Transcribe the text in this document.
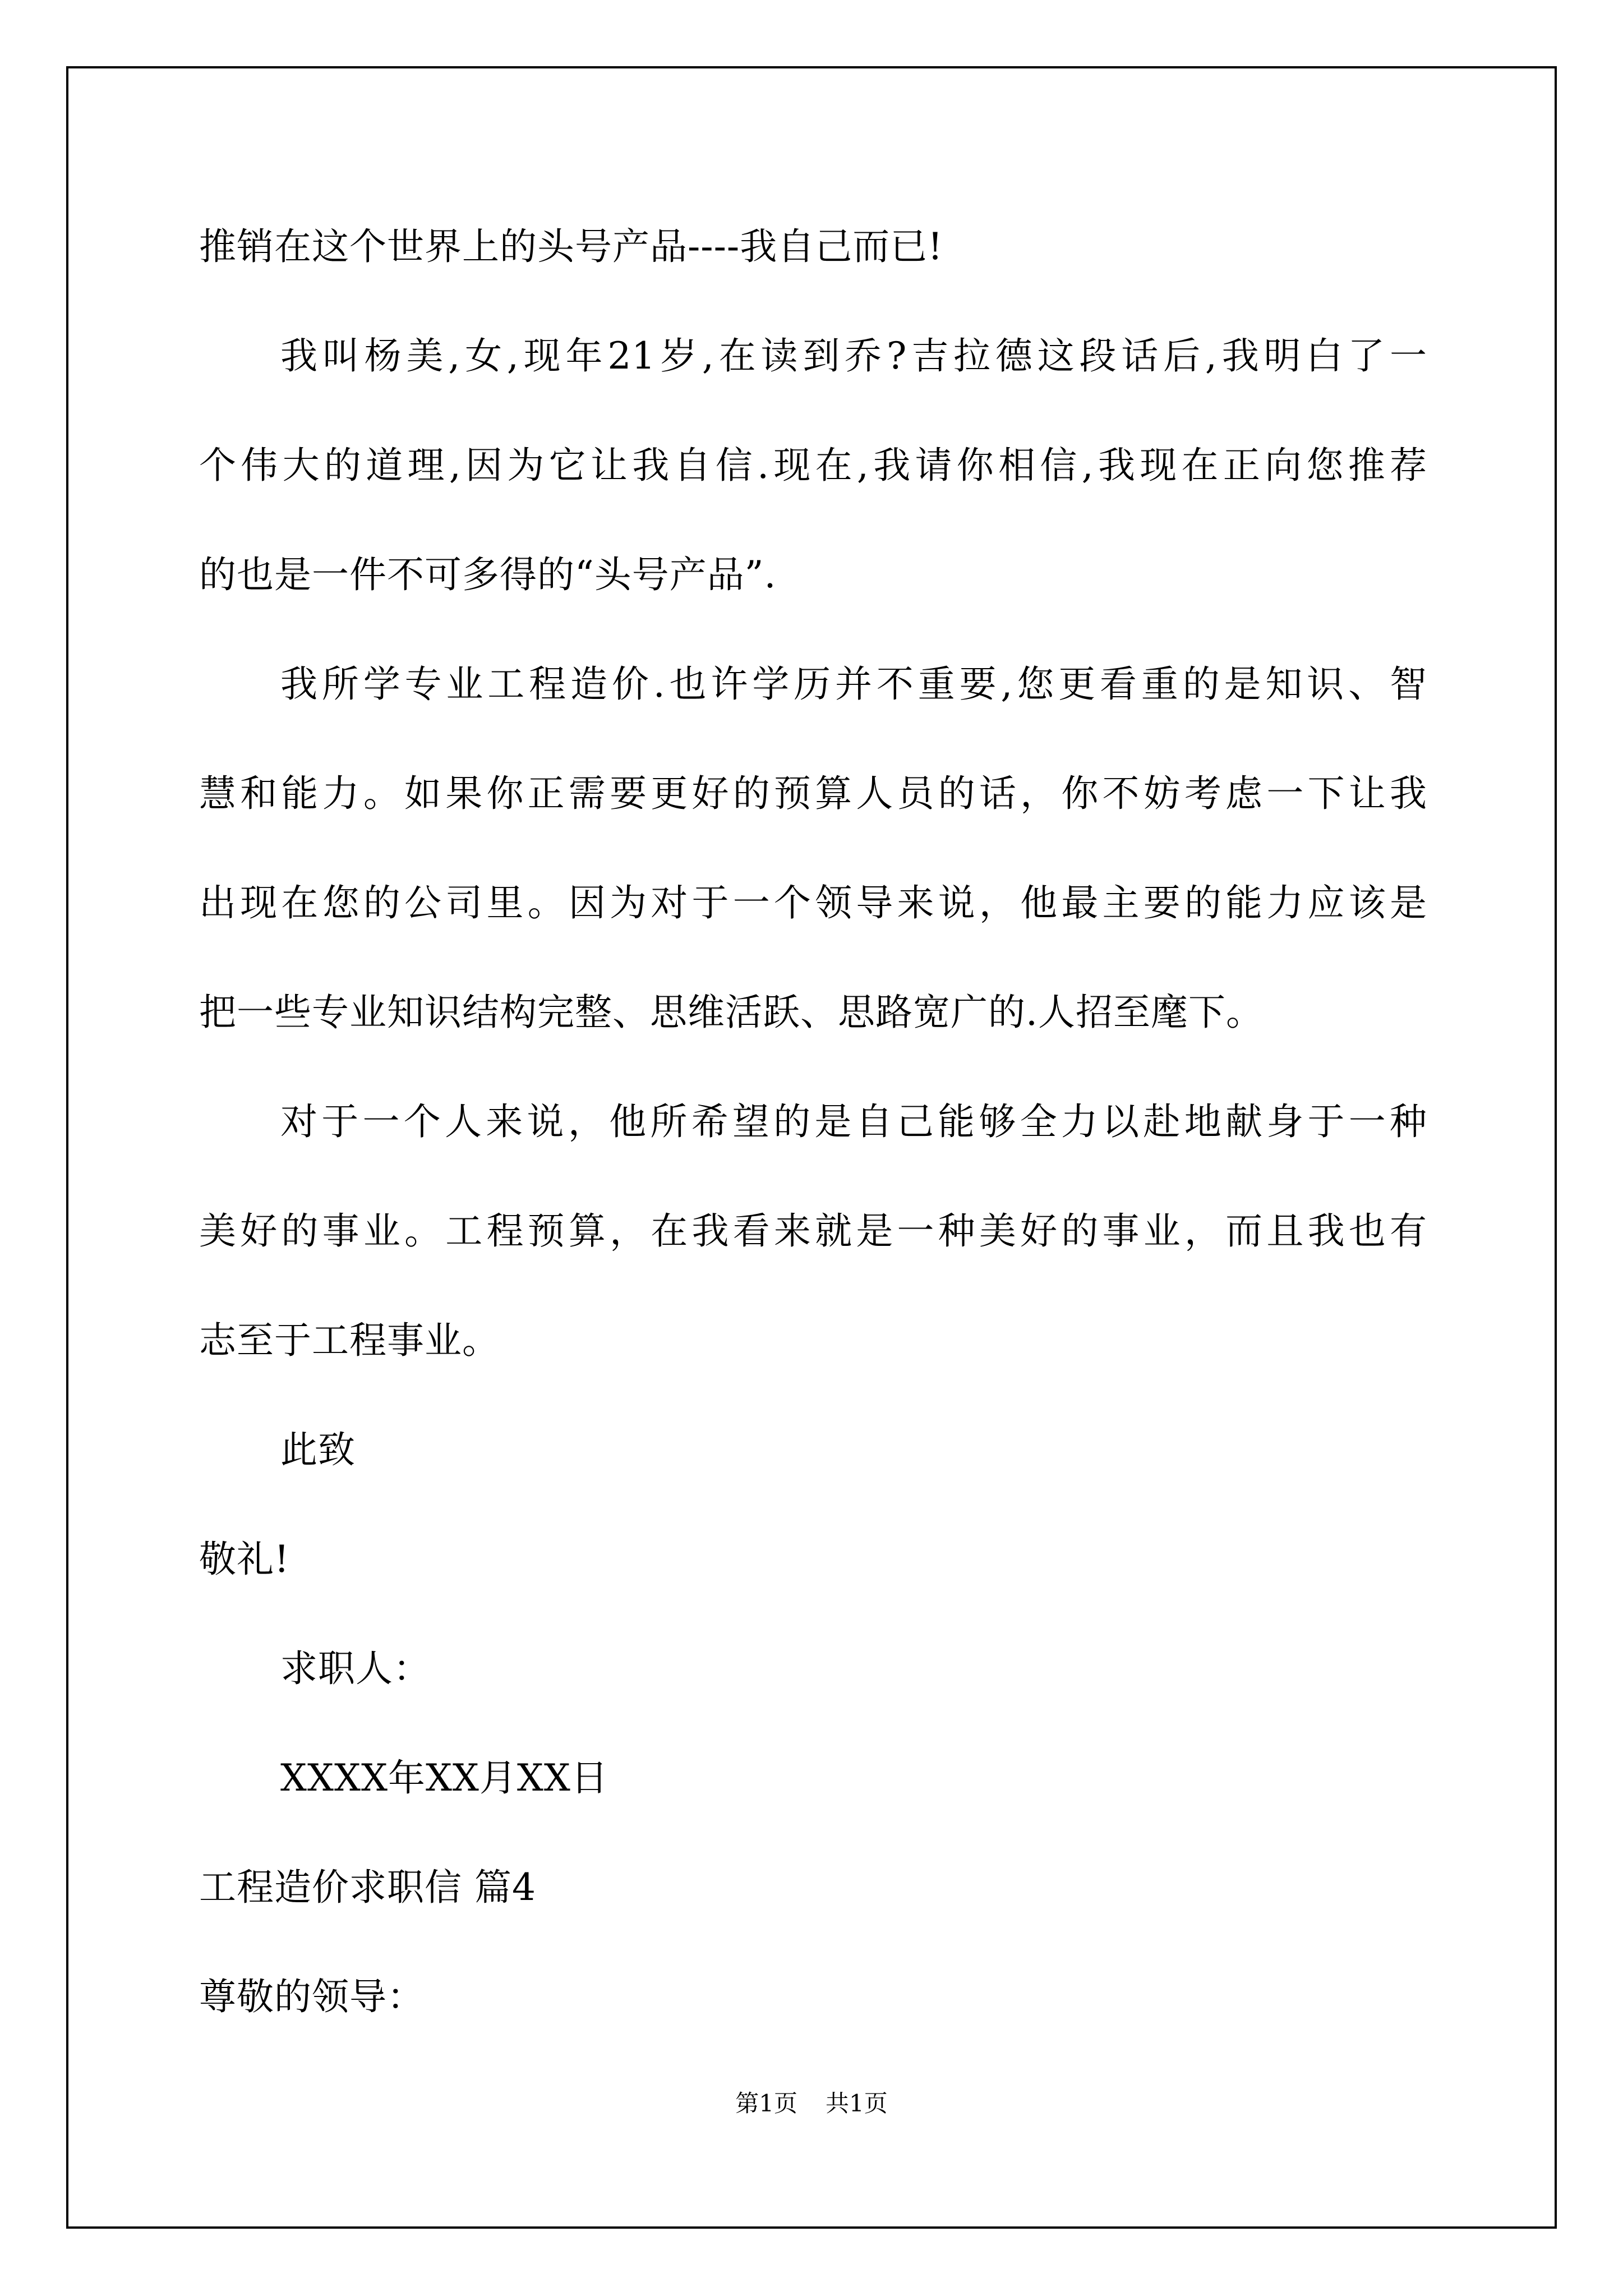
推销在这个世界上的头号产品----我自己而已!
我叫杨美,女,现年21岁,在读到乔?吉拉德这段话后,我明白了一
个伟大的道理,因为它让我自信.现在,我请你相信,我现在正向您推荐
的也是一件不可多得的“头号产品”.
我所学专业工程造价.也许学历并不重要,您更看重的是知识、智
慧和能力。如果你正需要更好的预算人员的话，你不妨考虑一下让我
出现在您的公司里。因为对于一个领导来说，他最主要的能力应该是
把一些专业知识结构完整、思维活跃、思路宽广的.人招至麾下。
对于一个人来说，他所希望的是自己能够全力以赴地献身于一种
美好的事业。工程预算，在我看来就是一种美好的事业，而且我也有
志至于工程事业。
此致
敬礼!
求职人：
XXXX年XX月XX日
工程造价求职信 篇4
尊敬的领导：
第1页 共1页
